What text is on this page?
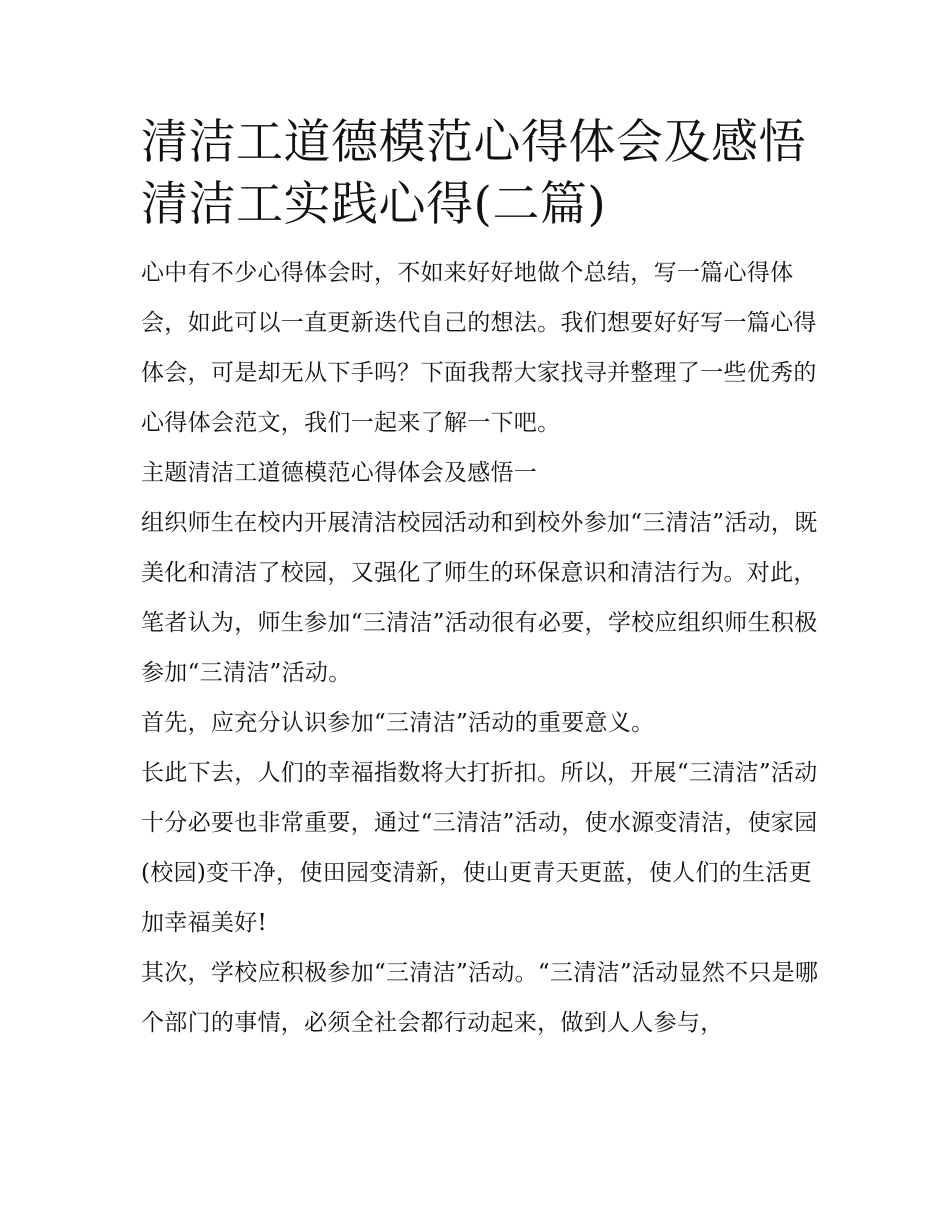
清洁工道德模范心得体会及感悟 清洁工实践心得(二篇)

心中有不少心得体会时，不如来好好地做个总结，写一篇心得体会，如此可以一直更新迭代自己的想法。我们想要好好写一篇心得体会，可是却无从下手吗？下面我帮大家找寻并整理了一些优秀的心得体会范文，我们一起来了解一下吧。

主题清洁工道德模范心得体会及感悟一

组织师生在校内开展清洁校园活动和到校外参加“三清洁”活动，既美化和清洁了校园，又强化了师生的环保意识和清洁行为。对此，笔者认为，师生参加“三清洁”活动很有必要，学校应组织师生积极参加“三清洁”活动。

首先，应充分认识参加“三清洁”活动的重要意义。

长此下去，人们的幸福指数将大打折扣。所以，开展“三清洁”活动十分必要也非常重要，通过“三清洁”活动，使水源变清洁，使家园(校园)变干净，使田园变清新，使山更青天更蓝，使人们的生活更加幸福美好!

其次，学校应积极参加“三清洁”活动。“三清洁”活动显然不只是哪个部门的事情，必须全社会都行动起来，做到人人参与，
